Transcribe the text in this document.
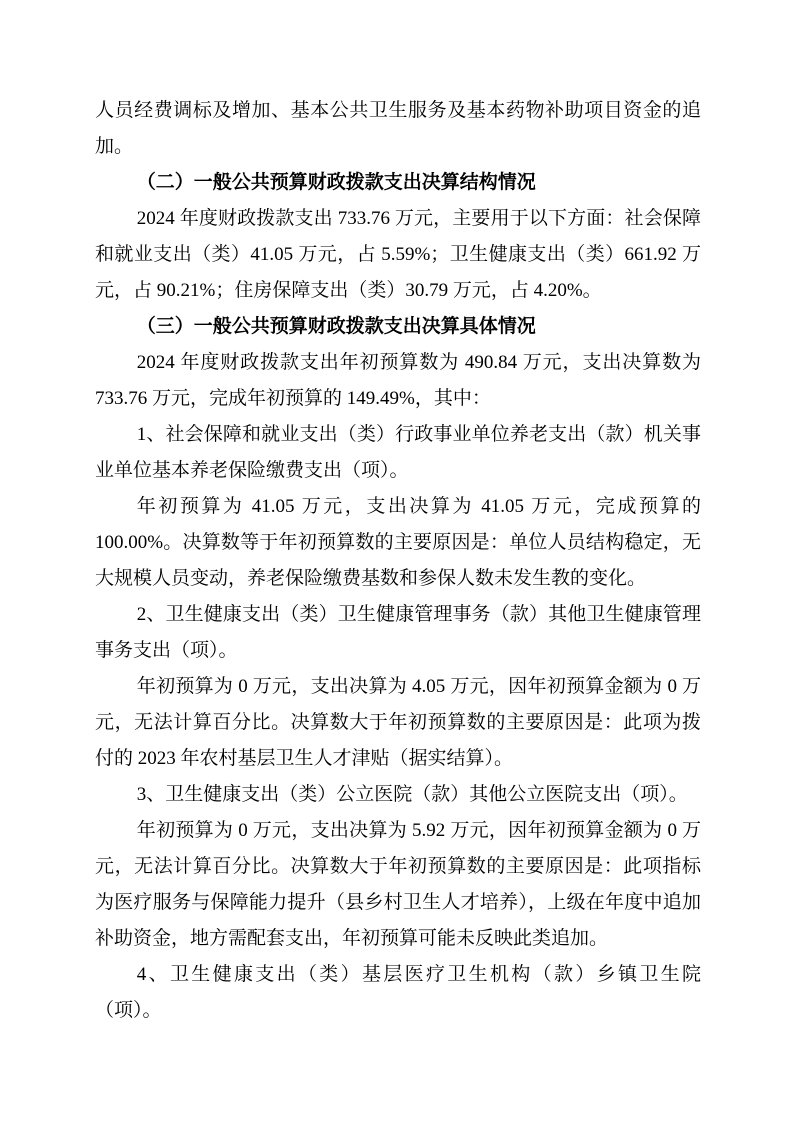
人员经费调标及增加、基本公共卫生服务及基本药物补助项目资金的追加。

（二）一般公共预算财政拨款支出决算结构情况

2024 年度财政拨款支出 733.76 万元，主要用于以下方面：社会保障和就业支出（类）41.05 万元，占 5.59%；卫生健康支出（类）661.92 万元，占 90.21%；住房保障支出（类）30.79 万元，占 4.20%。

（三）一般公共预算财政拨款支出决算具体情况

2024 年度财政拨款支出年初预算数为 490.84 万元，支出决算数为 733.76 万元，完成年初预算的 149.49%，其中：

1、社会保障和就业支出（类）行政事业单位养老支出（款）机关事业单位基本养老保险缴费支出（项）。

年初预算为 41.05 万元，支出决算为 41.05 万元，完成预算的 100.00%。决算数等于年初预算数的主要原因是：单位人员结构稳定，无大规模人员变动，养老保险缴费基数和参保人数未发生教的变化。

2、卫生健康支出（类）卫生健康管理事务（款）其他卫生健康管理事务支出（项）。

年初预算为 0 万元，支出决算为 4.05 万元，因年初预算金额为 0 万元，无法计算百分比。决算数大于年初预算数的主要原因是：此项为拨付的 2023 年农村基层卫生人才津贴（据实结算）。

3、卫生健康支出（类）公立医院（款）其他公立医院支出（项）。

年初预算为 0 万元，支出决算为 5.92 万元，因年初预算金额为 0 万元，无法计算百分比。决算数大于年初预算数的主要原因是：此项指标为医疗服务与保障能力提升（县乡村卫生人才培养），上级在年度中追加补助资金，地方需配套支出，年初预算可能未反映此类追加。

4、卫生健康支出（类）基层医疗卫生机构（款）乡镇卫生院（项）。
